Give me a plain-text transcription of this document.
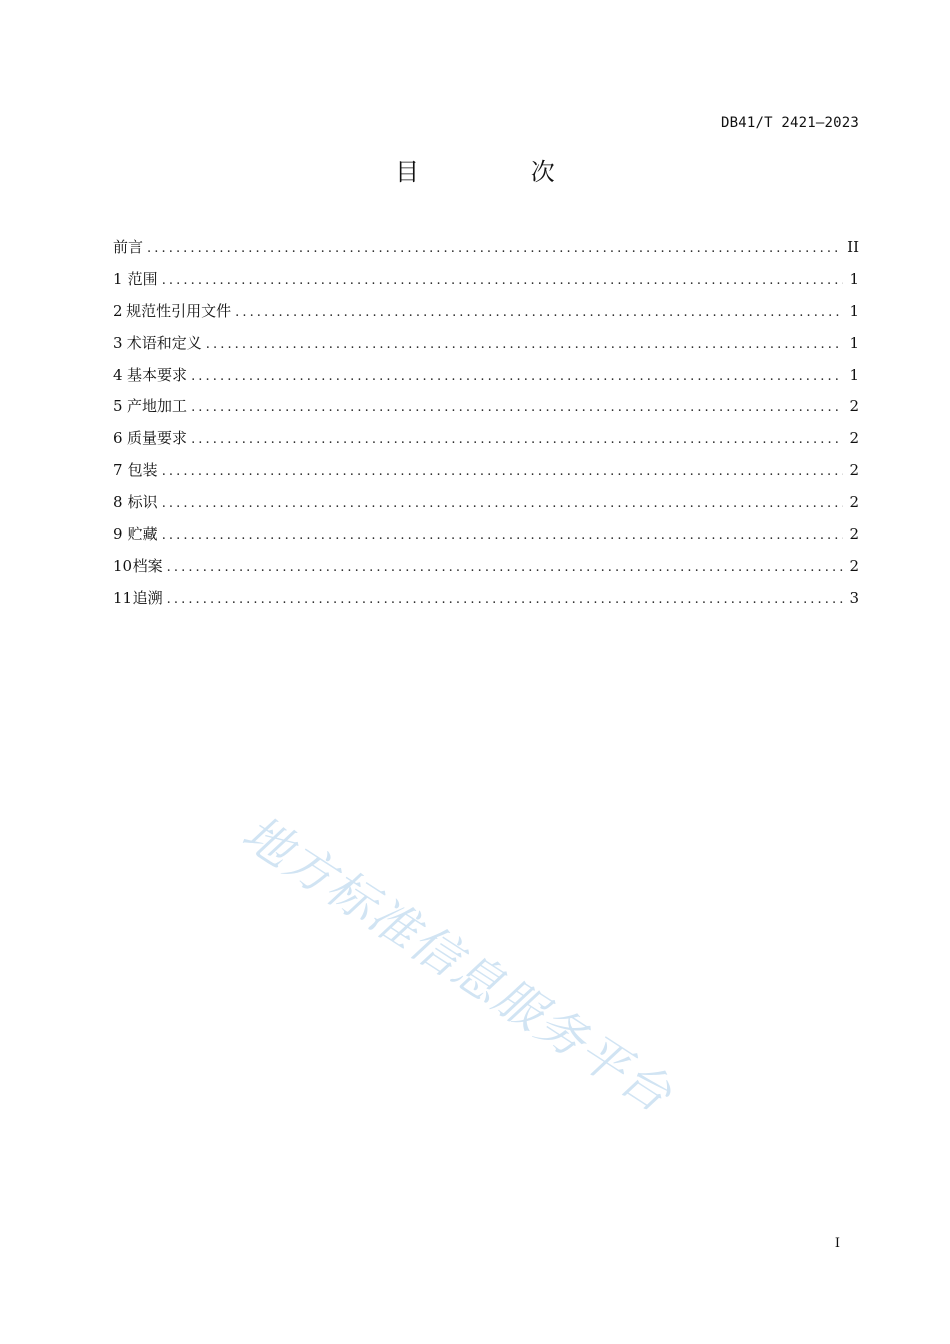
DB41/T 2421—2023
目 次
前言 .....	II
1 范围 .....	1
2 规范性引用文件 .....	1
3 术语和定义 .....	1
4 基本要求 .....	1
5 产地加工 .....	2
6 质量要求 .....	2
7 包装 .....	2
8 标识 .....	2
9 贮藏 .....	2
10 档案 .....	2
11 追溯 .....	3
地方标准信息服务平台
I
